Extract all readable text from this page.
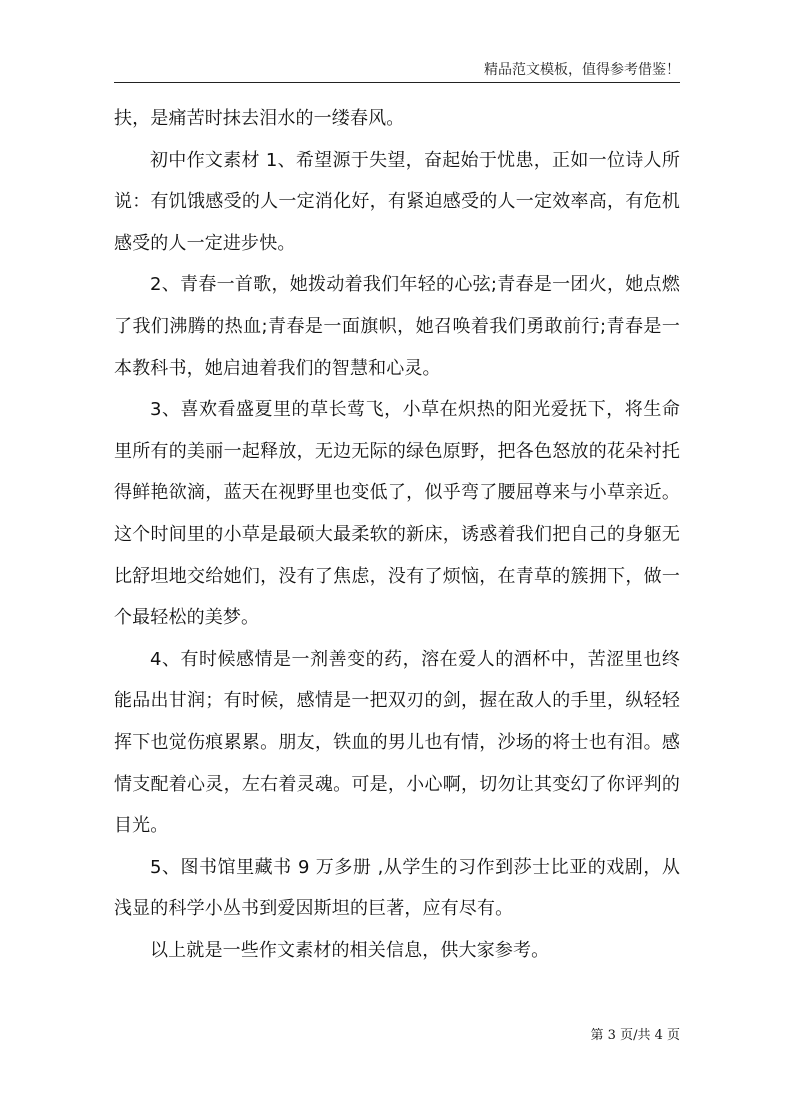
精品范文模板，值得参考借鉴！

扶，是痛苦时抹去泪水的一缕春风。

初中作文素材 1、希望源于失望，奋起始于忧患，正如一位诗人所说：有饥饿感受的人一定消化好，有紧迫感受的人一定效率高，有危机感受的人一定进步快。

2、青春一首歌，她拨动着我们年轻的心弦;青春是一团火，她点燃了我们沸腾的热血;青春是一面旗帜，她召唤着我们勇敢前行;青春是一本教科书，她启迪着我们的智慧和心灵。

3、喜欢看盛夏里的草长莺飞，小草在炽热的阳光爱抚下，将生命里所有的美丽一起释放，无边无际的绿色原野，把各色怒放的花朵衬托得鲜艳欲滴，蓝天在视野里也变低了，似乎弯了腰屈尊来与小草亲近。这个时间里的小草是最硕大最柔软的新床，诱惑着我们把自己的身躯无比舒坦地交给她们，没有了焦虑，没有了烦恼，在青草的簇拥下，做一个最轻松的美梦。

4、有时候感情是一剂善变的药，溶在爱人的酒杯中，苦涩里也终能品出甘润；有时候，感情是一把双刃的剑，握在敌人的手里，纵轻轻挥下也觉伤痕累累。朋友，铁血的男儿也有情，沙场的将士也有泪。感情支配着心灵，左右着灵魂。可是，小心啊，切勿让其变幻了你评判的目光。

5、图书馆里藏书 9 万多册 ,从学生的习作到莎士比亚的戏剧，从浅显的科学小丛书到爱因斯坦的巨著，应有尽有。

以上就是一些作文素材的相关信息，供大家参考。

第 3 页/共 4 页
